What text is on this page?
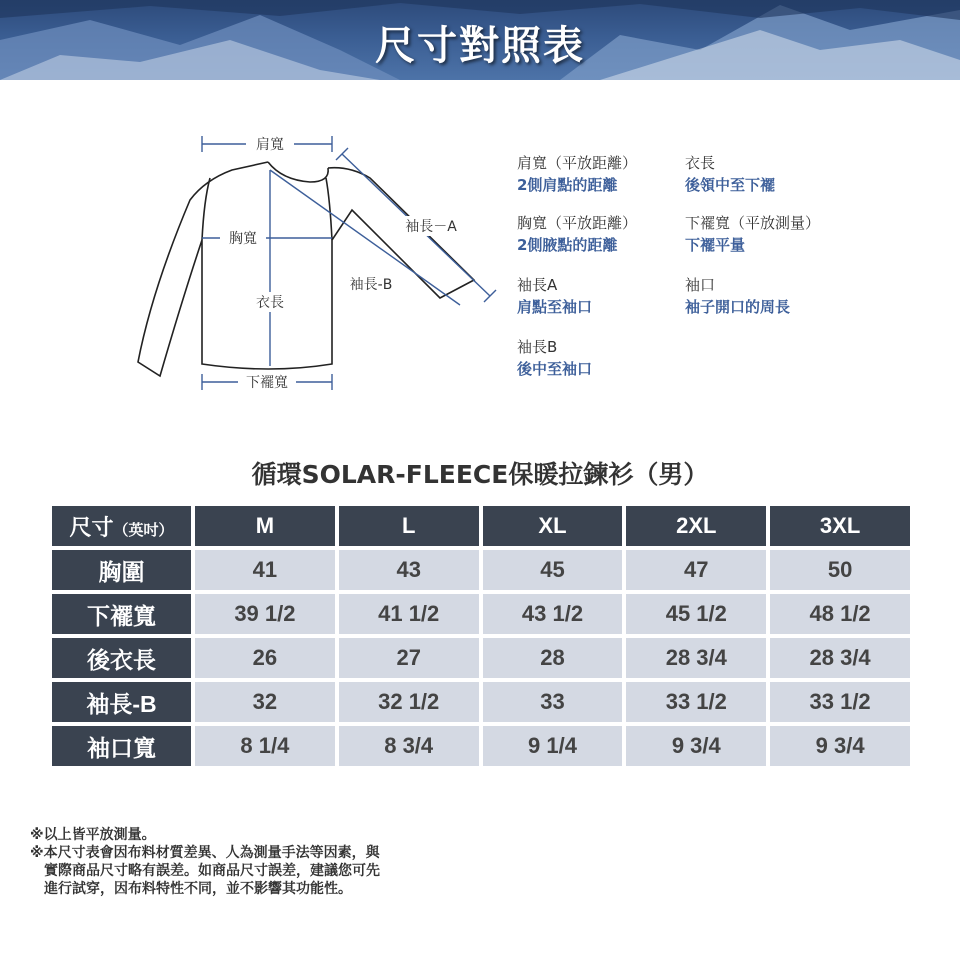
尺寸對照表
肩寬
胸寬
衣長
下襬寬
袖長－A
袖長-B
肩寬（平放距離）
2側肩點的距離
衣長
後領中至下襬
胸寬（平放距離）
2側腋點的距離
下襬寬（平放測量）
下襬平量
袖長A
肩點至袖口
袖口
袖子開口的周長
袖長B
後中至袖口
循環SOLAR-FLEECE保暖拉鍊衫（男）
尺寸（英吋）	M	L	XL	2XL	3XL
胸圍	41	43	45	47	50
下襬寬	39 1/2	41 1/2	43 1/2	45 1/2	48 1/2
後衣長	26	27	28	28 3/4	28 3/4
袖長-B	32	32 1/2	33	33 1/2	33 1/2
袖口寬	8 1/4	8 3/4	9 1/4	9 3/4	9 3/4
※以上皆平放測量。
※本尺寸表會因布料材質差異、人為測量手法等因素，與
實際商品尺寸略有誤差。如商品尺寸誤差，建議您可先
進行試穿，因布料特性不同，並不影響其功能性。
